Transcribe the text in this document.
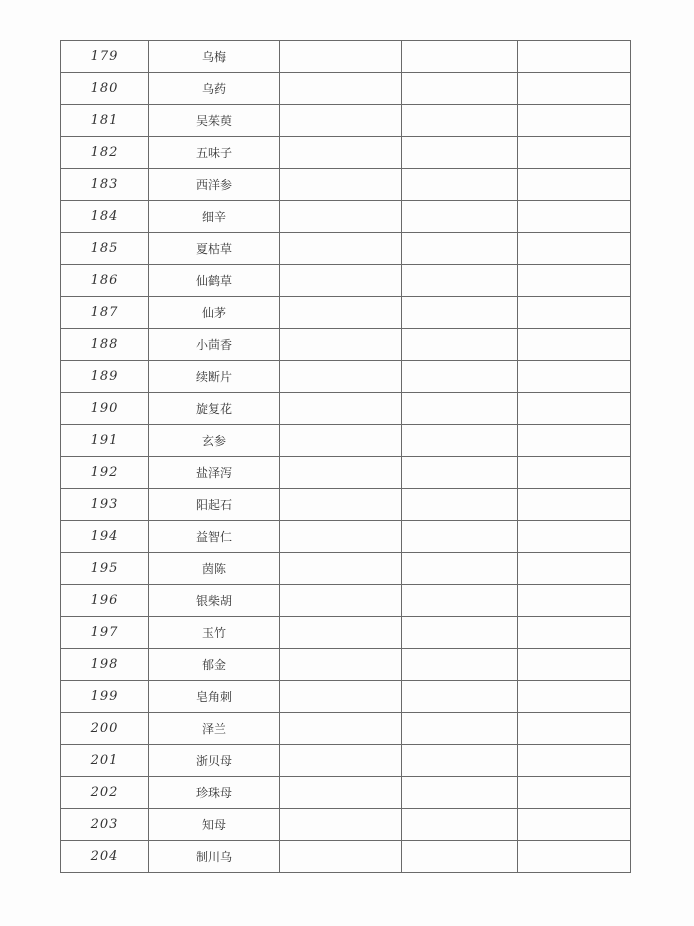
179	乌梅			
180	乌药			
181	吴茱萸			
182	五味子			
183	西洋参			
184	细辛			
185	夏枯草			
186	仙鹤草			
187	仙茅			
188	小茴香			
189	续断片			
190	旋复花			
191	玄参			
192	盐泽泻			
193	阳起石			
194	益智仁			
195	茵陈			
196	银柴胡			
197	玉竹			
198	郁金			
199	皂角刺			
200	泽兰			
201	浙贝母			
202	珍珠母			
203	知母			
204	制川乌			
